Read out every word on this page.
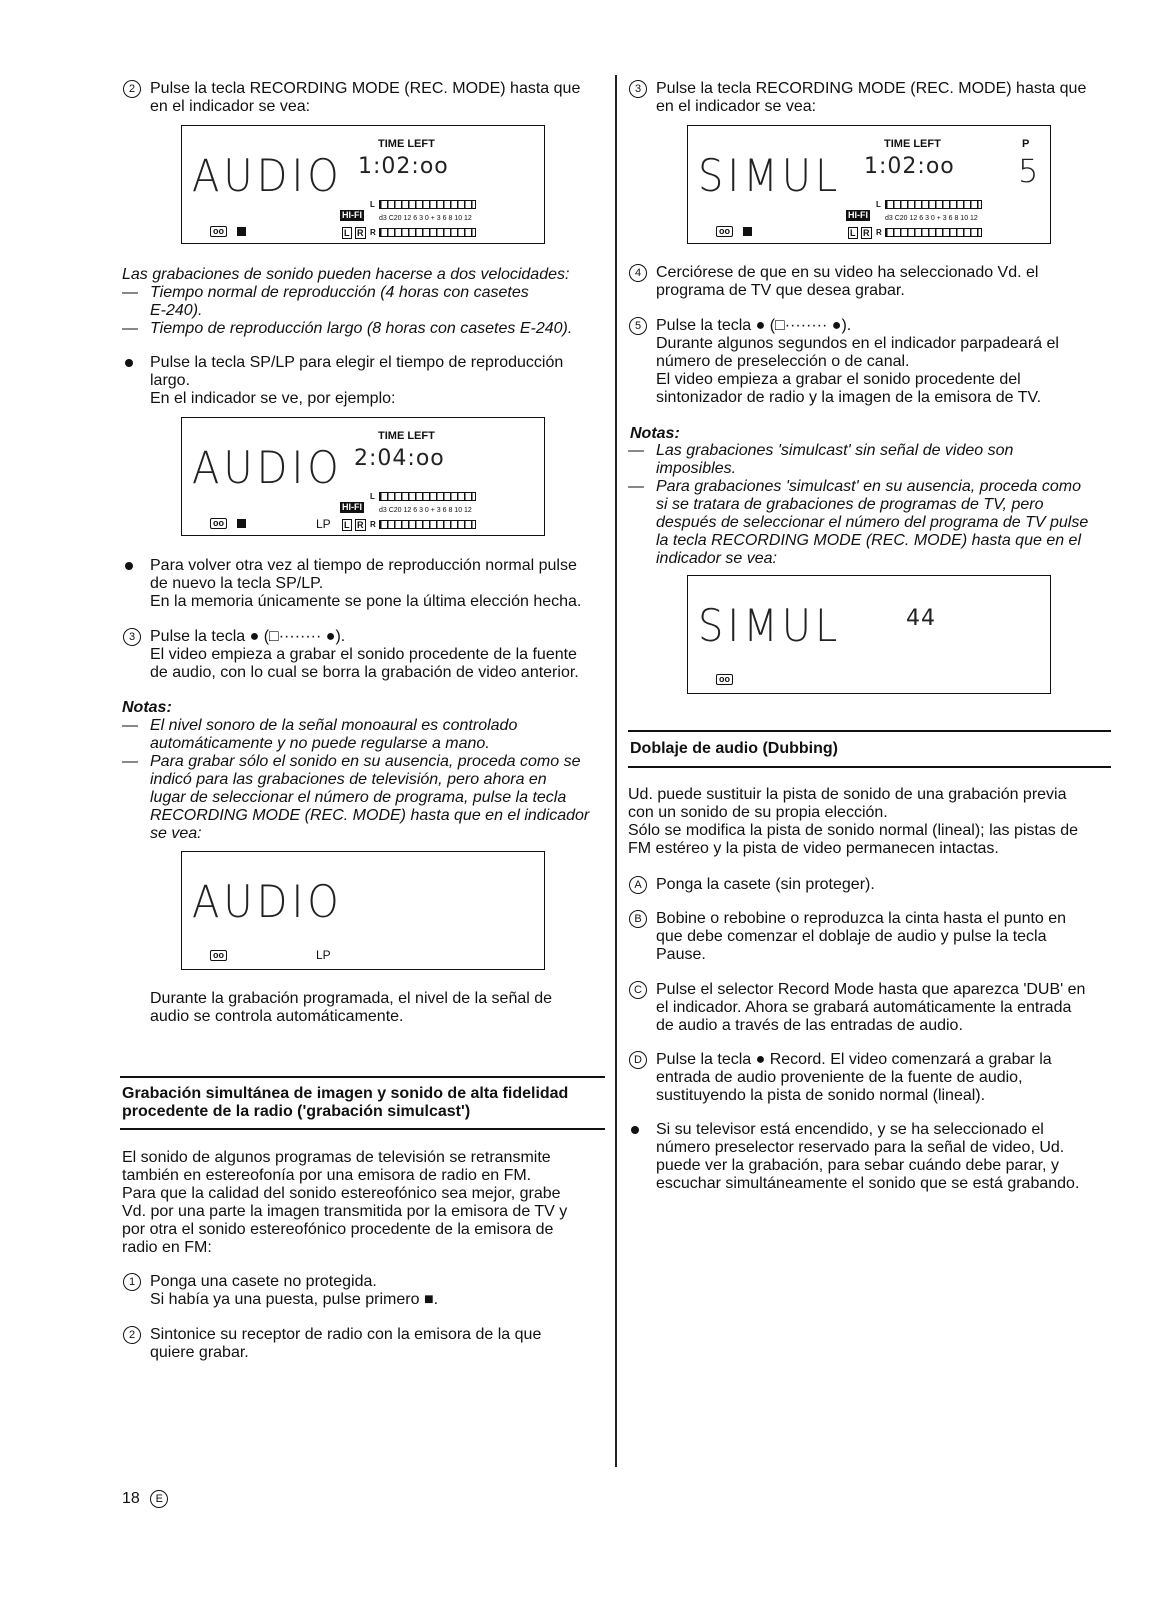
2 Pulse la tecla RECORDING MODE (REC. MODE) hasta que
en el indicador se vea:
TIME LEFT
AUDIO 1:02:oo
L
HI-FI d3 C20 12 6 3 0 + 3 6 8 10 12
L R R
oo
Las grabaciones de sonido pueden hacerse a dos velocidades:
— Tiempo normal de reproducción (4 horas con casetes
E-240).
— Tiempo de reproducción largo (8 horas con casetes E-240).
Pulse la tecla SP/LP para elegir el tiempo de reproducción
largo.
En el indicador se ve, por ejemplo:
TIME LEFT
AUDIO 2:04:oo
L
HI-FI d3 C20 12 6 3 0 + 3 6 8 10 12
LP L R R
oo
Para volver otra vez al tiempo de reproducción normal pulse
de nuevo la tecla SP/LP.
En la memoria únicamente se pone la última elección hecha.
3 Pulse la tecla ● (□········ ●).
El video empieza a grabar el sonido procedente de la fuente
de audio, con lo cual se borra la grabación de video anterior.
Notas:
— El nivel sonoro de la señal monoaural es controlado
automáticamente y no puede regularse a mano.
— Para grabar sólo el sonido en su ausencia, proceda como se
indicó para las grabaciones de televisión, pero ahora en
lugar de seleccionar el número de programa, pulse la tecla
RECORDING MODE (REC. MODE) hasta que en el indicador
se vea:
AUDIO
LP
oo
Durante la grabación programada, el nivel de la señal de
audio se controla automáticamente.
Grabación simultánea de imagen y sonido de alta fidelidad
procedente de la radio ('grabación simulcast')
El sonido de algunos programas de televisión se retransmite
también en estereofonía por una emisora de radio en FM.
Para que la calidad del sonido estereofónico sea mejor, grabe
Vd. por una parte la imagen transmitida por la emisora de TV y
por otra el sonido estereofónico procedente de la emisora de
radio en FM:
1 Ponga una casete no protegida.
Si había ya una puesta, pulse primero ■.
2 Sintonice su receptor de radio con la emisora de la que
quiere grabar.
3 Pulse la tecla RECORDING MODE (REC. MODE) hasta que
en el indicador se vea:
TIME LEFT	P
SIMUL 1:02:oo 5
L
HI-FI d3 C20 12 6 3 0 + 3 6 8 10 12
L R R
oo
4 Cerciórese de que en su video ha seleccionado Vd. el
programa de TV que desea grabar.
5 Pulse la tecla ● (□········ ●).
Durante algunos segundos en el indicador parpadeará el
número de preselección o de canal.
El video empieza a grabar el sonido procedente del
sintonizador de radio y la imagen de la emisora de TV.
Notas:
— Las grabaciones 'simulcast' sin señal de video son
imposibles.
— Para grabaciones 'simulcast' en su ausencia, proceda como
si se tratara de grabaciones de programas de TV, pero
después de seleccionar el número del programa de TV pulse
la tecla RECORDING MODE (REC. MODE) hasta que en el
indicador se vea:
SIMUL	44
oo
Doblaje de audio (Dubbing)
Ud. puede sustituir la pista de sonido de una grabación previa
con un sonido de su propia elección.
Sólo se modifica la pista de sonido normal (lineal); las pistas de
FM estéreo y la pista de video permanecen intactas.
A Ponga la casete (sin proteger).
B Bobine o rebobine o reproduzca la cinta hasta el punto en
que debe comenzar el doblaje de audio y pulse la tecla
Pause.
C Pulse el selector Record Mode hasta que aparezca 'DUB' en
el indicador. Ahora se grabará automáticamente la entrada
de audio a través de las entradas de audio.
D Pulse la tecla ● Record. El video comenzará a grabar la
entrada de audio proveniente de la fuente de audio,
sustituyendo la pista de sonido normal (lineal).
Si su televisor está encendido, y se ha seleccionado el
número preselector reservado para la señal de video, Ud.
puede ver la grabación, para sebar cuándo debe parar, y
escuchar simultáneamente el sonido que se está grabando.
18	E
